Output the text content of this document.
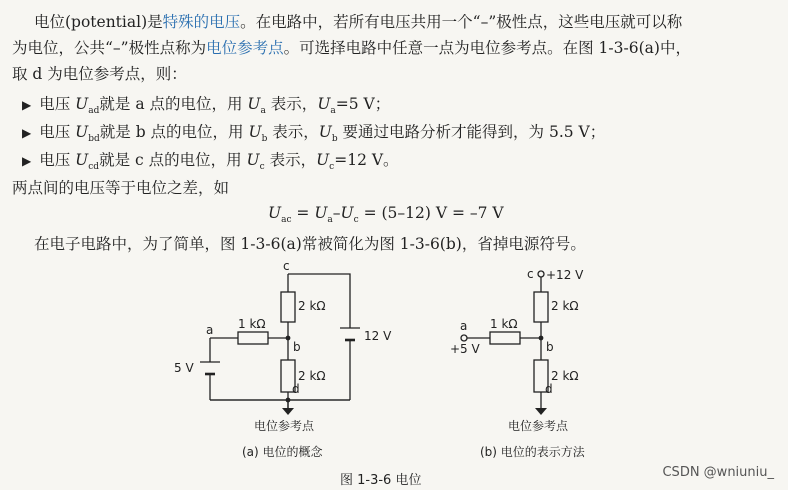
电位(potential)是特殊的电压。在电路中，若所有电压共用一个“–”极性点，这些电压就可以称
为电位，公共“–”极性点称为电位参考点。可选择电路中任意一点为电位参考点。在图 1-3-6(a)中，
取 d 为电位参考点，则：
▶ 电压 $U_{ad}$就是 a 点的电位，用 $U_a$ 表示，$U_a=5$ V；
▶ 电压 $U_{bd}$就是 b 点的电位，用 $U_b$ 表示，$U_b$ 要通过电路分析才能得到，为 5.5 V；
▶ 电压 $U_{cd}$就是 c 点的电位，用 $U_c$ 表示，$U_c=12$ V。
两点间的电压等于电位之差，如
$U_{ac} = U_a-U_c = (5-12) V = -7$ V
在电子电路中，为了简单，图 1-3-6(a)常被简化为图 1-3-6(b)，省掉电源符号。
c
2 kΩ
1 kΩ
a
b
12 V
2 kΩ
5 V
d
电位参考点
(a) 电位的概念
c +12 V
2 kΩ
1 kΩ
a
+5 V	b
2 kΩ
d
电位参考点
(b) 电位的表示方法
图 1-3-6 电位
CSDN @wniuniu_
